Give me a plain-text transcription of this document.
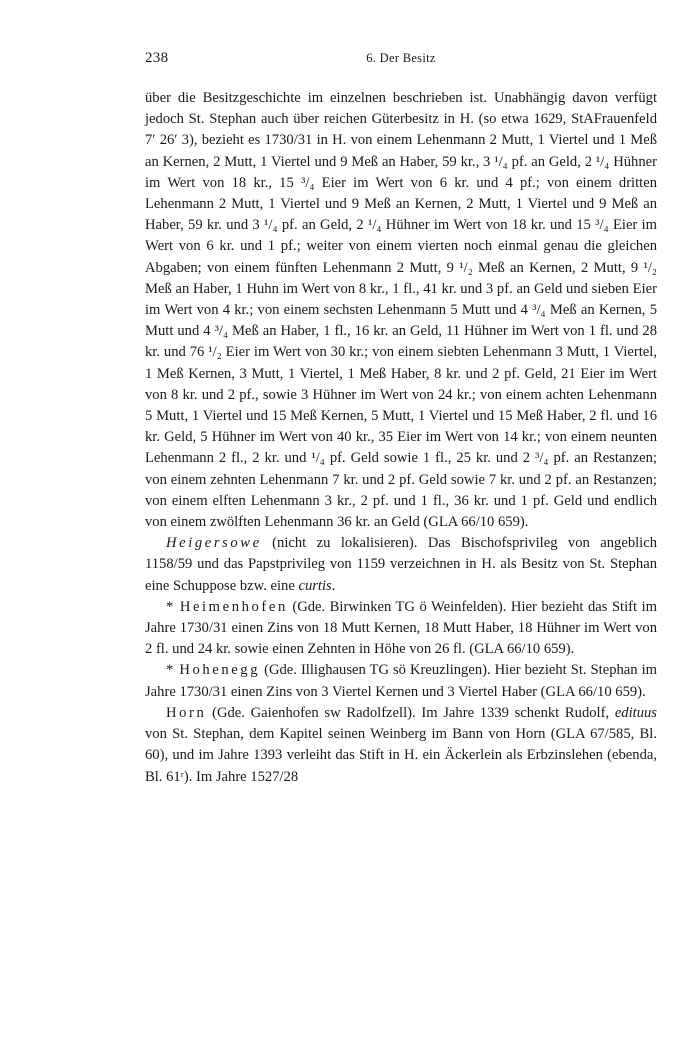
238	6. Der Besitz

über die Besitzgeschichte im einzelnen beschrieben ist. Unabhängig davon verfügt jedoch St. Stephan auch über reichen Güterbesitz in H. (so etwa 1629, StAFrauenfeld 7′ 26′ 3), bezieht es 1730/31 in H. von einem Lehenmann 2 Mutt, 1 Viertel und 1 Meß an Kernen, 2 Mutt, 1 Viertel und 9 Meß an Haber, 59 kr., 3 ¹/₄ pf. an Geld, 2 ¹/₄ Hühner im Wert von 18 kr., 15 ³/₄ Eier im Wert von 6 kr. und 4 pf.; von einem dritten Lehenmann 2 Mutt, 1 Viertel und 9 Meß an Kernen, 2 Mutt, 1 Viertel und 9 Meß an Haber, 59 kr. und 3 ¹/₄ pf. an Geld, 2 ¹/₄ Hühner im Wert von 18 kr. und 15 ³/₄ Eier im Wert von 6 kr. und 1 pf.; weiter von einem vierten noch einmal genau die gleichen Abgaben; von einem fünften Lehenmann 2 Mutt, 9 ¹/₂ Meß an Kernen, 2 Mutt, 9 ¹/₂ Meß an Haber, 1 Huhn im Wert von 8 kr., 1 fl., 41 kr. und 3 pf. an Geld und sieben Eier im Wert von 4 kr.; von einem sechsten Lehenmann 5 Mutt und 4 ³/₄ Meß an Kernen, 5 Mutt und 4 ³/₄ Meß an Haber, 1 fl., 16 kr. an Geld, 11 Hühner im Wert von 1 fl. und 28 kr. und 76 ¹/₂ Eier im Wert von 30 kr.; von einem siebten Lehenmann 3 Mutt, 1 Viertel, 1 Meß Kernen, 3 Mutt, 1 Viertel, 1 Meß Haber, 8 kr. und 2 pf. Geld, 21 Eier im Wert von 8 kr. und 2 pf., sowie 3 Hühner im Wert von 24 kr.; von einem achten Lehenmann 5 Mutt, 1 Viertel und 15 Meß Kernen, 5 Mutt, 1 Viertel und 15 Meß Haber, 2 fl. und 16 kr. Geld, 5 Hühner im Wert von 40 kr., 35 Eier im Wert von 14 kr.; von einem neunten Lehenmann 2 fl., 2 kr. und ¹/₄ pf. Geld sowie 1 fl., 25 kr. und 2 ³/₄ pf. an Restanzen; von einem zehnten Lehenmann 7 kr. und 2 pf. Geld sowie 7 kr. und 2 pf. an Restanzen; von einem elften Lehenmann 3 kr., 2 pf. und 1 fl., 36 kr. und 1 pf. Geld und endlich von einem zwölften Lehenmann 36 kr. an Geld (GLA 66/10 659).

Heigersowe (nicht zu lokalisieren). Das Bischofsprivileg von angeblich 1158/59 und das Papstprivileg von 1159 verzeichnen in H. als Besitz von St. Stephan eine Schuppose bzw. eine curtis.

* Heimenhofen (Gde. Birwinken TG ö Weinfelden). Hier bezieht das Stift im Jahre 1730/31 einen Zins von 18 Mutt Kernen, 18 Mutt Haber, 18 Hühner im Wert von 2 fl. und 24 kr. sowie einen Zehnten in Höhe von 26 fl. (GLA 66/10 659).

* Hohenegg (Gde. Illighausen TG sö Kreuzlingen). Hier bezieht St. Stephan im Jahre 1730/31 einen Zins von 3 Viertel Kernen und 3 Viertel Haber (GLA 66/10 659).

Horn (Gde. Gaienhofen sw Radolfzell). Im Jahre 1339 schenkt Rudolf, edituus von St. Stephan, dem Kapitel seinen Weinberg im Bann von Horn (GLA 67/585, Bl. 60), und im Jahre 1393 verleiht das Stift in H. ein Äckerlein als Erbzinslehen (ebenda, Bl. 61ʳ). Im Jahre 1527/28
